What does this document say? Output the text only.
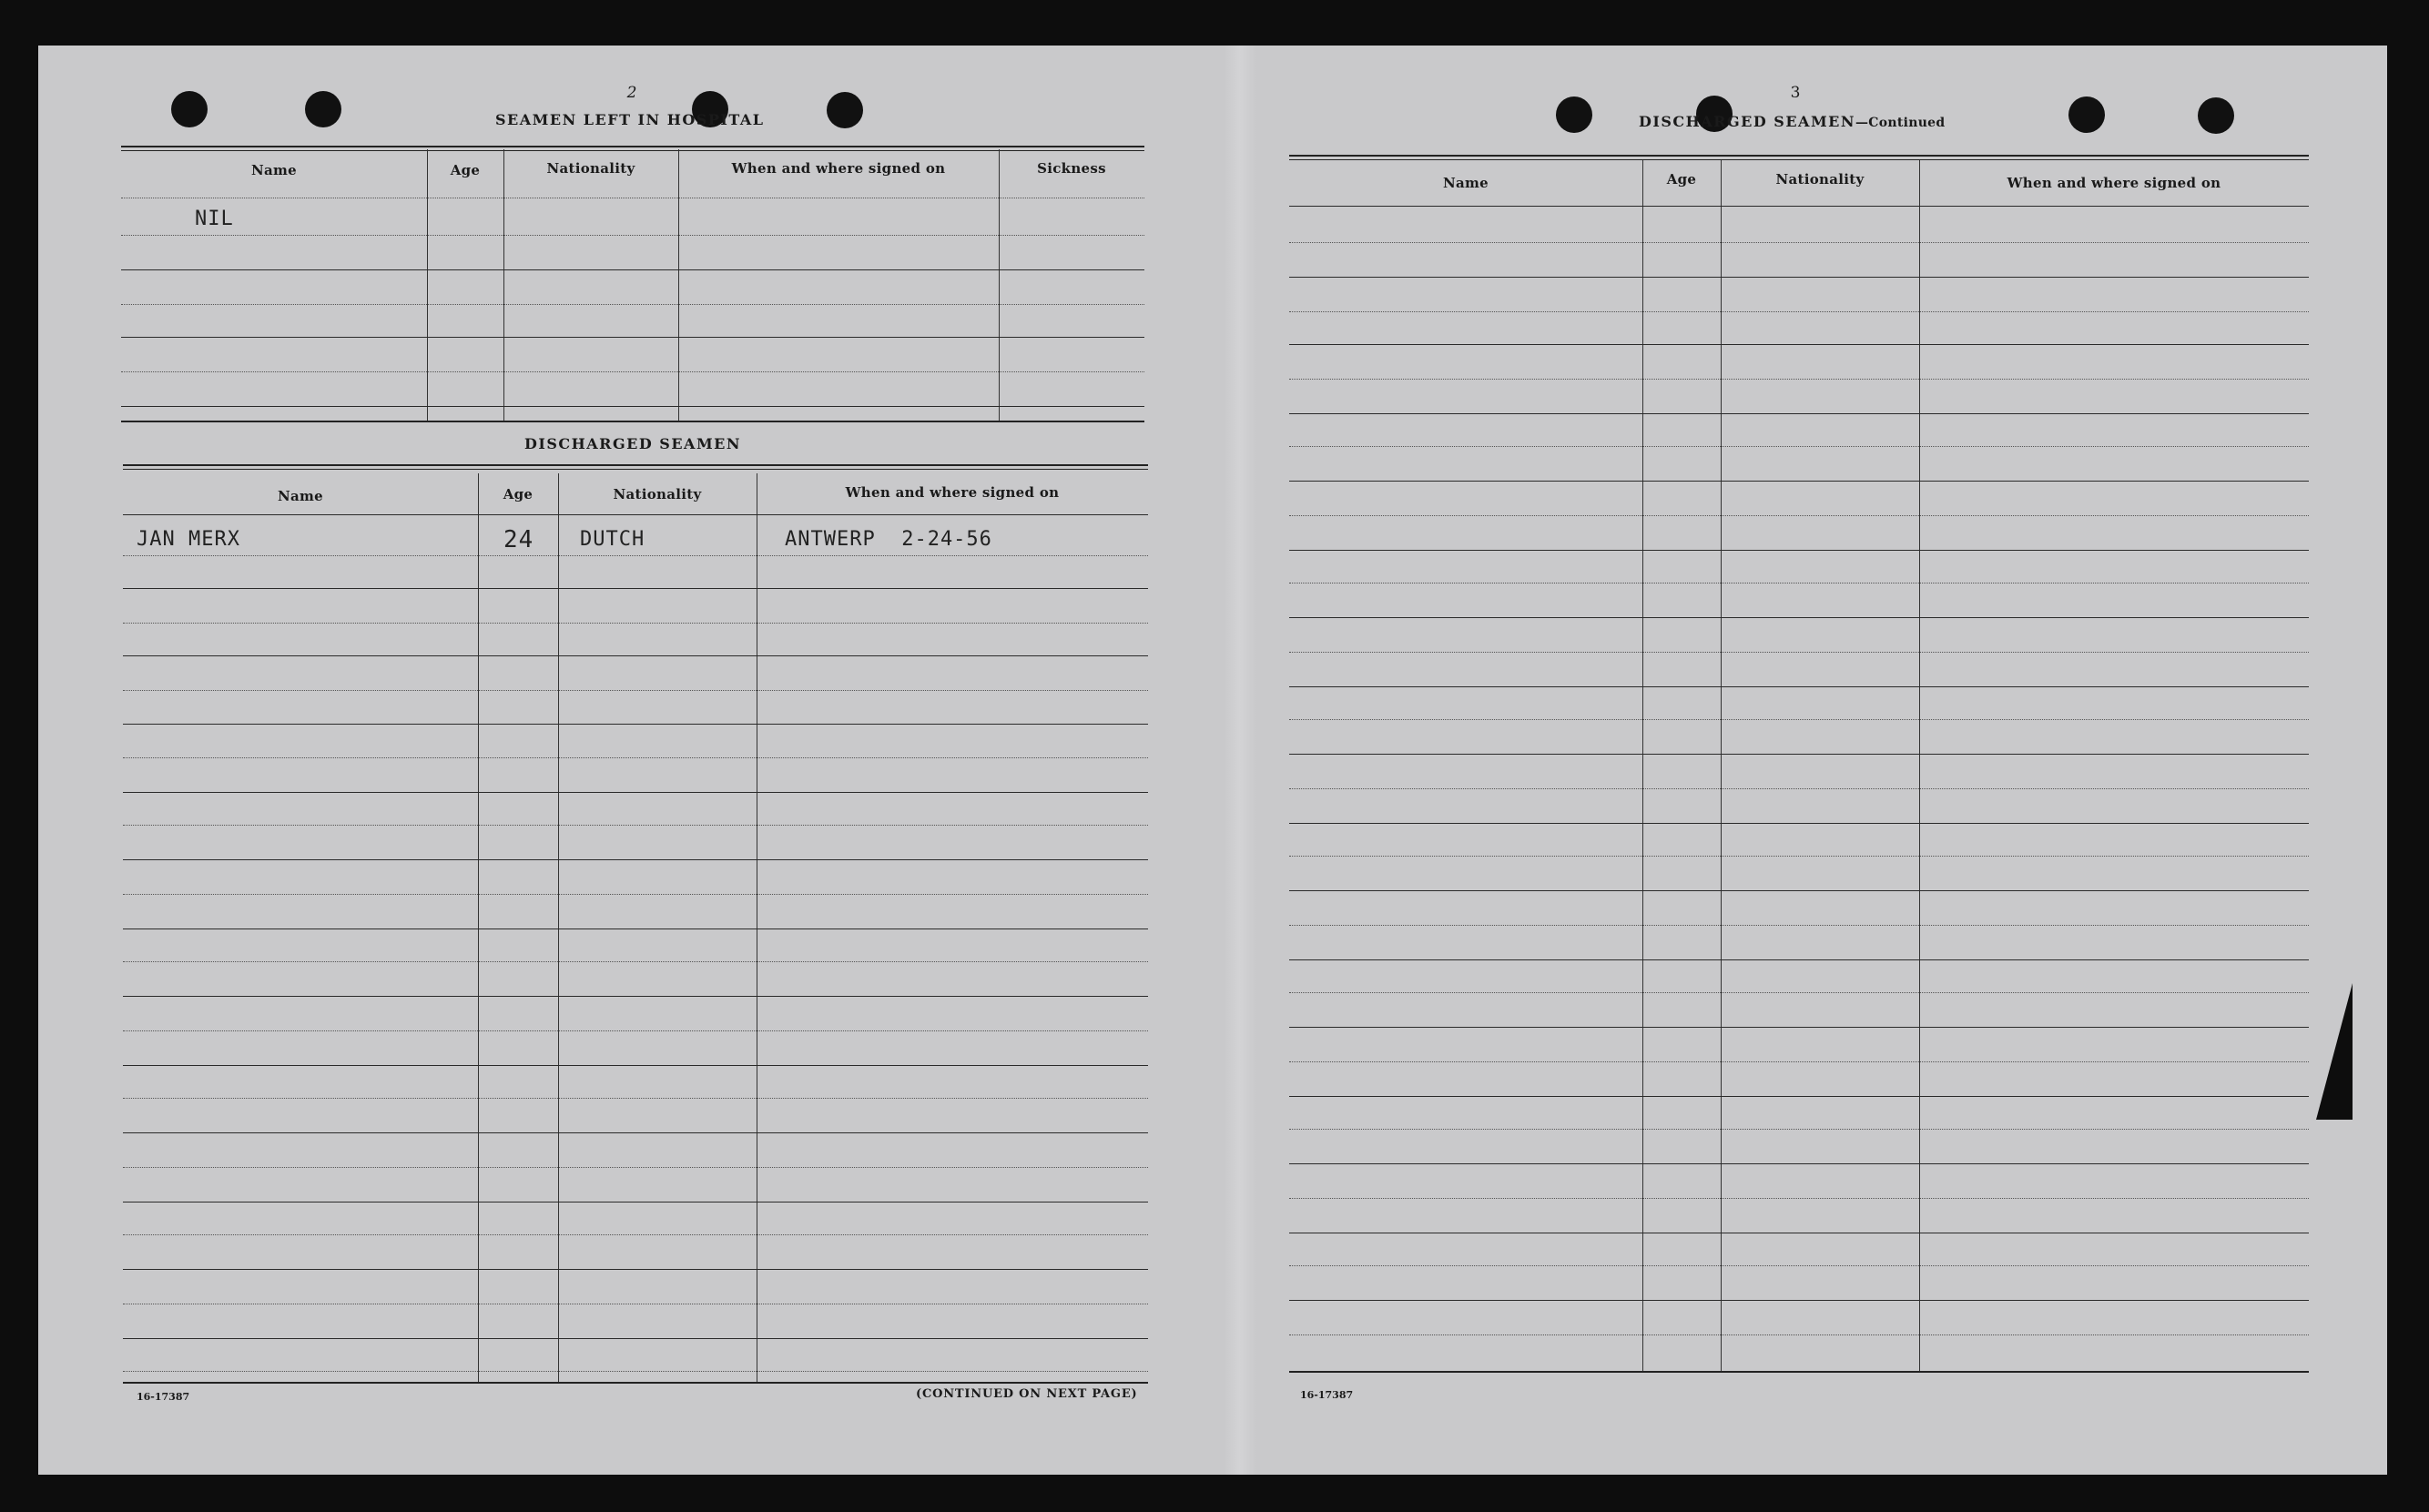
2
SEAMEN LEFT IN HOSPITAL
Name	Age	Nationality	When and where signed on	Sickness
NIL
DISCHARGED SEAMEN
Name	Age	Nationality	When and where signed on
JAN MERX	24 DUTCH	ANTWERP  2-24-56
16-17387	(CONTINUED ON NEXT PAGE)
3
DISCHARGED SEAMEN—Continued
Name	Age	Nationality	When and where signed on
16-17387
